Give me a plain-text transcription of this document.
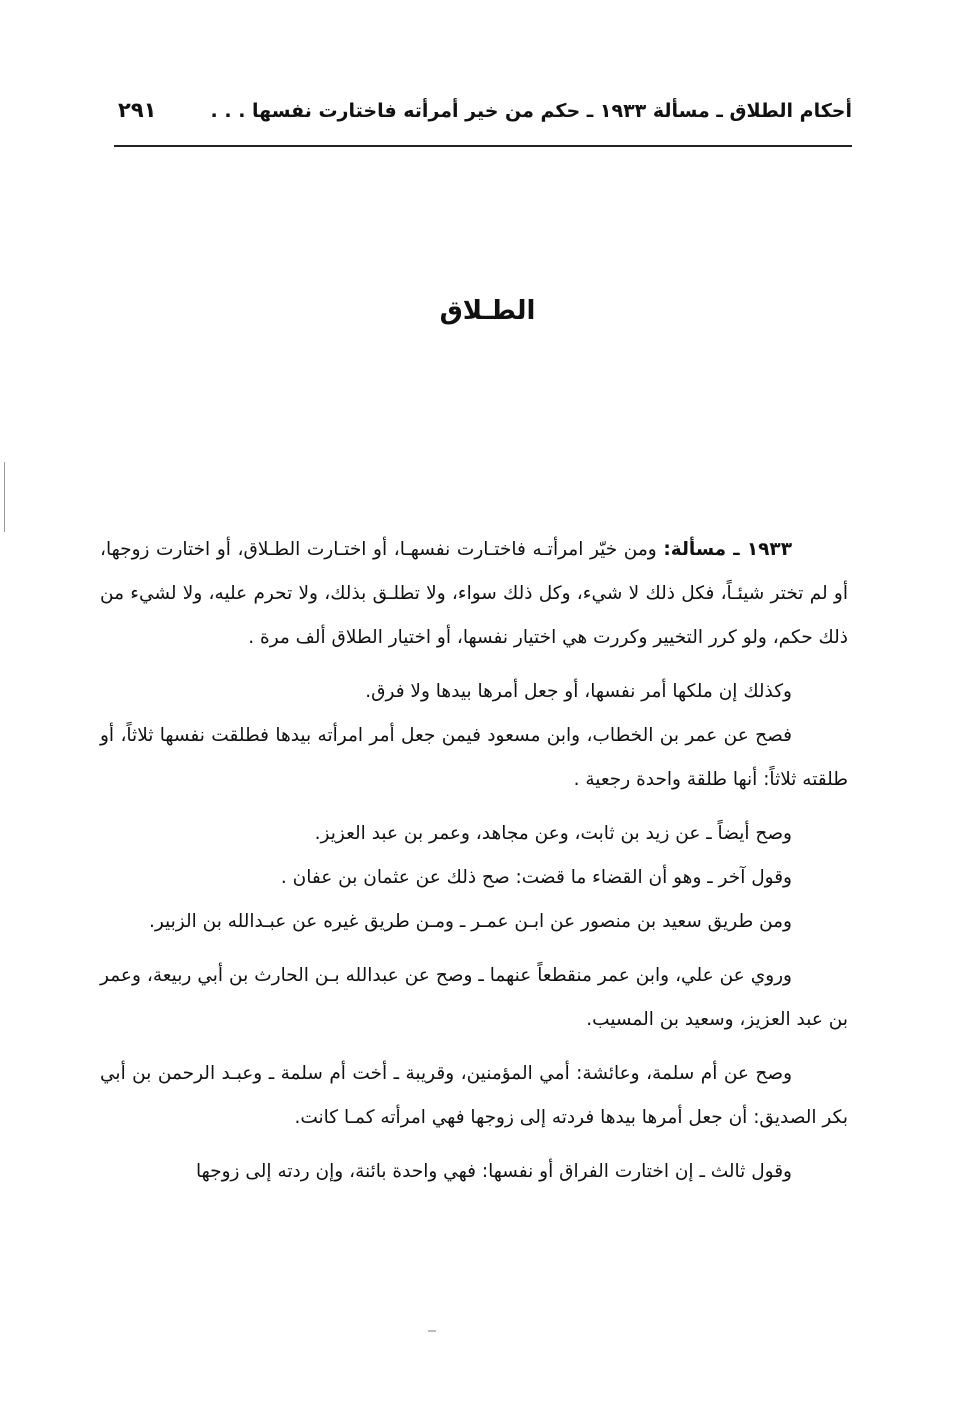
أحكام الطلاق ـ مسألة ١٩٣٣ ـ حكم من خير أمرأته فاختارت نفسها . . .
٢٩١
الطـلاق

١٩٣٣ ـ مسألة: ومن خيّر امرأتـه فاختـارت نفسهـا، أو اختـارت الطـلاق، أو اختارت زوجها، أو لم تختر شيئـاً، فكل ذلك لا شيء، وكل ذلك سواء، ولا تطلـق بذلك، ولا تحرم عليه، ولا لشيء من ذلك حكم، ولو كرر التخيير وكررت هي اختيار نفسها، أو اختيار الطلاق ألف مرة .

وكذلك إن ملكها أمر نفسها، أو جعل أمرها بيدها ولا فرق.

فصح عن عمر بن الخطاب، وابن مسعود فيمن جعل أمر امرأته بيدها فطلقت نفسها ثلاثاً، أو طلقته ثلاثاً: أنها طلقة واحدة رجعية .

وصح أيضاً ـ عن زيد بن ثابت، وعن مجاهد، وعمر بن عبد العزيز.

وقول آخر ـ وهو أن القضاء ما قضت: صح ذلك عن عثمان بن عفان .

ومن طريق سعيد بن منصور عن ابـن عمـر ـ ومـن طريق غيره عن عبـدالله بن الزبير.

وروي عن علي، وابن عمر منقطعاً عنهما ـ وصح عن عبدالله بـن الحارث بن أبي ربيعة، وعمر بن عبد العزيز، وسعيد بن المسيب.

وصح عن أم سلمة، وعائشة: أمي المؤمنين، وقريبة ـ أخت أم سلمة ـ وعبـد الرحمن بن أبي بكر الصديق: أن جعل أمرها بيدها فردته إلى زوجها فهي امرأته كمـا كانت.

وقول ثالث ـ إن اختارت الفراق أو نفسها: فهي واحدة بائنة، وإن ردته إلى زوجها
